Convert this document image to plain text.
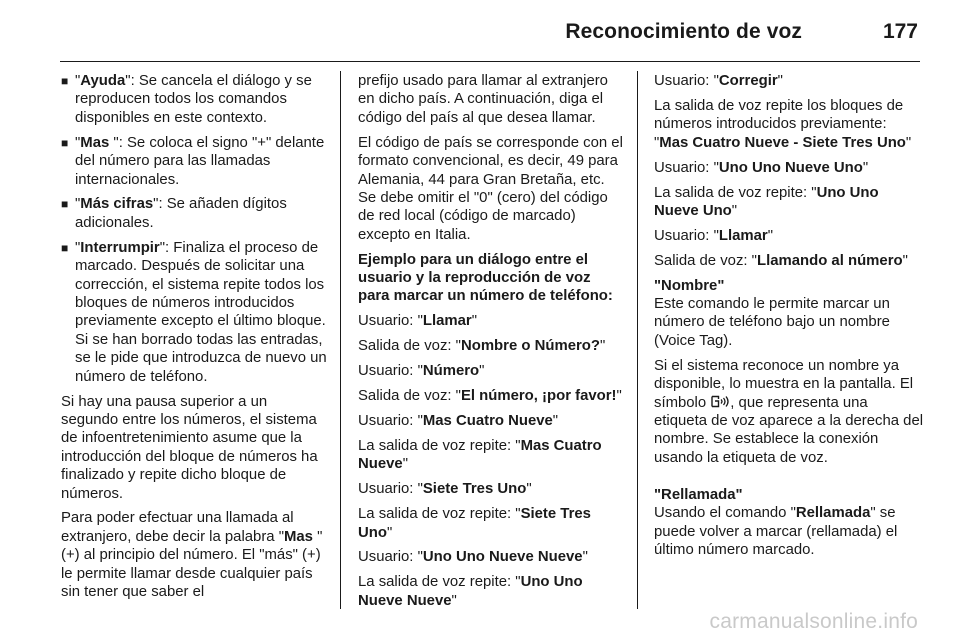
Reconocimiento de voz	177
■ "Ayuda": Se cancela el diálogo y se reproducen todos los comandos disponibles en este contexto.
■ "Mas ": Se coloca el signo "+" delante del número para las llamadas internacionales.
■ "Más cifras": Se añaden dígitos adicionales.
■ "Interrumpir": Finaliza el proceso de marcado. Después de solicitar una corrección, el sistema repite todos los bloques de números introducidos previamente excepto el último bloque. Si se han borrado todas las entradas, se le pide que introduzca de nuevo un número de teléfono.

Si hay una pausa superior a un segundo entre los números, el sistema de infoentretenimiento asume que la introducción del bloque de números ha finalizado y repite dicho bloque de números.

Para poder efectuar una llamada al extranjero, debe decir la palabra "Mas " (+) al principio del número. El "más" (+) le permite llamar desde cualquier país sin tener que saber el

prefijo usado para llamar al extranjero en dicho país. A continuación, diga el código del país al que desea llamar.

El código de país se corresponde con el formato convencional, es decir, 49 para Alemania, 44 para Gran Bretaña, etc. Se debe omitir el "0" (cero) del código de red local (código de marcado) excepto en Italia.

Ejemplo para un diálogo entre el usuario y la reproducción de voz para marcar un número de teléfono:

Usuario: "Llamar"

Salida de voz: "Nombre o Número?"

Usuario: "Número"

Salida de voz: "El número, ¡por favor!"

Usuario: "Mas Cuatro Nueve"

La salida de voz repite: "Mas Cuatro Nueve"

Usuario: "Siete Tres Uno"

La salida de voz repite: "Siete Tres Uno"

Usuario: "Uno Uno Nueve Nueve"

La salida de voz repite: "Uno Uno Nueve Nueve"

Usuario: "Corregir"

La salida de voz repite los bloques de números introducidos previamente: "Mas Cuatro Nueve - Siete Tres Uno"

Usuario: "Uno Uno Nueve Uno"

La salida de voz repite: "Uno Uno Nueve Uno"

Usuario: "Llamar"

Salida de voz: "Llamando al número"

"Nombre"
Este comando le permite marcar un número de teléfono bajo un nombre (Voice Tag).

Si el sistema reconoce un nombre ya disponible, lo muestra en la pantalla. El símbolo , que representa una etiqueta de voz aparece a la derecha del nombre. Se establece la conexión usando la etiqueta de voz.

"Rellamada"
Usando el comando "Rellamada" se puede volver a marcar (rellamada) el último número marcado.
carmanualsonline.info
